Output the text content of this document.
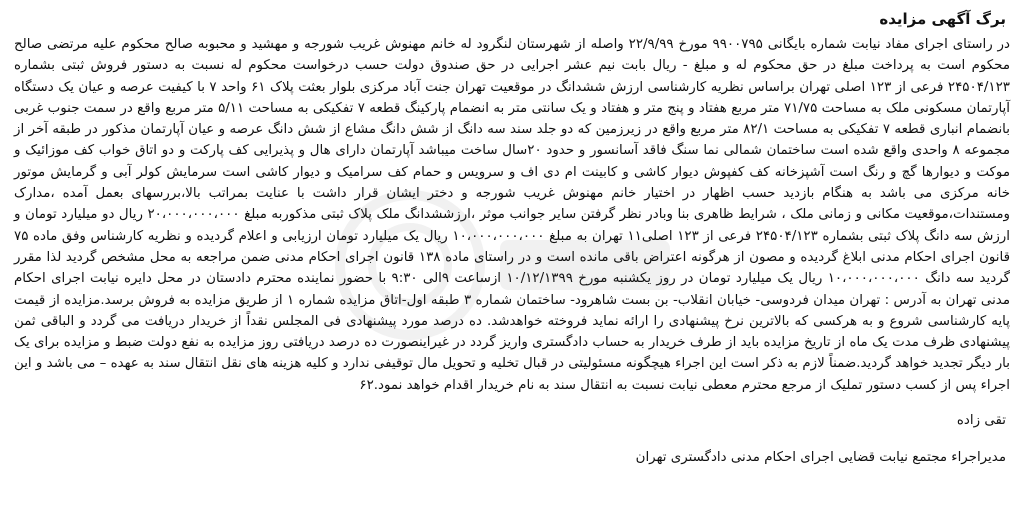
برگ آگهی مزایده

در راستای اجرای مفاد نیابت شماره بایگانی ۹۹۰۰۷۹۵ مورخ ۲۲/۹/۹۹ واصله از شهرستان لنگرود له خانم مهنوش غریب شورجه و مهشید و محبوبه صالح محکوم علیه مرتضی صالح محکوم است به پرداخت مبلغ در حق محکوم له و مبلغ - ریال بابت نیم عشر اجرایی در حق صندوق دولت حسب درخواست محکوم له نسبت به دستور فروش ثبتی بشماره ۲۴۵۰۴/۱۲۳ فرعی از ۱۲۳ اصلی تهران براساس نظریه کارشناسی ارزش ششدانگ در موقعیت تهران جنت آباد مرکزی بلوار بعثت پلاک ۶۱ واحد ۷ با کیفیت عرصه و عیان یک دستگاه آپارتمان مسکونی ملک به مساحت ۷۱/۷۵ متر مربع هفتاد و پنج متر و هفتاد و یک سانتی متر به انضمام پارکینگ قطعه ۷ تفکیکی به مساحت ۵/۱۱ متر مربع واقع در سمت جنوب غربی بانضمام انباری قطعه ۷ تفکیکی به مساحت ۸۲/۱ متر مربع واقع در زیرزمین که دو جلد سند سه دانگ از شش دانگ مشاع از شش دانگ عرصه و عیان آپارتمان مذکور در طبقه آخر از مجموعه ۸ واحدی واقع شده است ساختمان شمالی نما سنگ فاقد آسانسور و حدود ۲۰سال ساخت میباشد آپارتمان دارای هال و پذیرایی کف پارکت و دو اتاق خواب کف موزائیک و موکت و دیوارها گچ و رنگ است آشپزخانه کف کفپوش دیوار کاشی و کابینت ام دی اف و سرویس و حمام کف سرامیک و دیوار کاشی است سرمایش کولر آبی و گرمایش موتور خانه مرکزی می باشد به هنگام بازدید حسب اظهار در اختیار خانم مهنوش غریب شورجه و دختر ایشان قرار داشت با عنایت بمراتب بالا،بررسهای بعمل آمده ،مدارک ومستندات،موقعیت مکانی و زمانی ملک ، شرایط ظاهری بنا وبادر نظر گرفتن سایر جوانب موثر ،ارزششدانگ ملک پلاک ثبتی مذکوربه مبلغ ۲۰،۰۰۰،۰۰۰،۰۰۰ ریال دو میلیارد تومان و ارزش سه دانگ پلاک ثبتی بشماره ۲۴۵۰۴/۱۲۳ فرعی از ۱۲۳ اصلی۱۱ تهران به مبلغ ۱۰،۰۰۰،۰۰۰،۰۰۰ ریال یک میلیارد تومان ارزیابی و اعلام گردیده و نظریه کارشناس وفق ماده ۷۵ قانون اجرای احکام مدنی ابلاغ گردیده و مصون از هرگونه اعتراض باقی مانده است و در راستای ماده ۱۳۸ قانون اجرای احکام مدنی ضمن مراجعه به محل مشخص گردید لذا مقرر گردید سه دانگ ۱۰،۰۰۰،۰۰۰،۰۰۰ ریال یک میلیارد تومان در روز یکشنبه مورخ ۱۰/۱۲/۱۳۹۹ ازساعت ۹الی ۹:۳۰ با حضور نماینده محترم دادستان در محل دایره نیابت اجرای احکام مدنی تهران به آدرس : تهران میدان فردوسی- خیابان انقلاب- بن بست شاهرود- ساختمان شماره ۳ طبقه اول-اتاق مزایده شماره ۱ از طریق مزایده به فروش برسد.مزایده از قیمت پایه کارشناسی شروع و به هرکسی که بالاترین نرخ پیشنهادی را ارائه نماید فروخته خواهدشد. ده درصد مورد پیشنهادی فی المجلس نقداً از خریدار دریافت می گردد و الباقی ثمن پیشنهادی ظرف مدت یک ماه از تاریخ مزایده باید از طرف خریدار به حساب دادگستری واریز گردد در غیراینصورت ده درصد دریافتی روز مزایده به نفع دولت ضبط و مزایده برای یک بار دیگر تجدید خواهد گردید.ضمناً لازم به ذکر است این اجراء هیچگونه مسئولیتی در قبال تخلیه و تحویل مال توقیفی ندارد و کلیه هزینه های نقل انتقال سند به عهده – می باشد و این اجراء پس از کسب دستور تملیک از مرجع محترم معطی نیابت نسبت به انتقال سند به نام خریدار اقدام خواهد نمود.۶۲

تقی زاده
مدیراجراء مجتمع نیابت قضایی اجرای احکام مدنی دادگستری تهران
